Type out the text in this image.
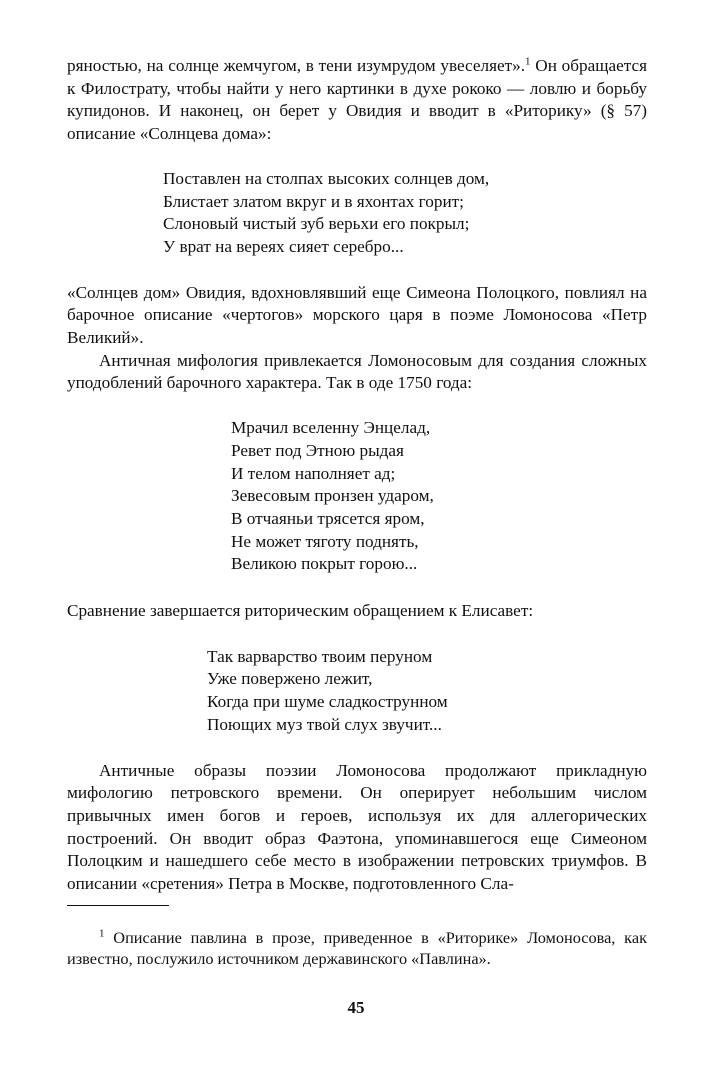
ряностью, на солнце жемчугом, в тени изумрудом увеселяет».$^1$ Он обращается к Филострату, чтобы найти у него картинки в духе рококо — ловлю и борьбу купидонов. И наконец, он берет у Овидия и вводит в «Риторику» (§ 57) описание «Солнцева дома»:

Поставлен на столпах высоких солнцев дом,
Блистает златом вкруг и в яхонтах горит;
Слоновый чистый зуб верьхи его покрыл;
У врат на вереях сияет серебро...

«Солнцев дом» Овидия, вдохновлявший еще Симеона Полоцкого, повлиял на барочное описание «чертогов» морского царя в поэме Ломоносова «Петр Великий».

Античная мифология привлекается Ломоносовым для создания сложных уподоблений барочного характера. Так в оде 1750 года:

Мрачил вселенну Энцелад,
Ревет под Этною рыдая
И телом наполняет ад;
Зевесовым пронзен ударом,
В отчаяньи трясется яром,
Не может тяготу поднять,
Великою покрыт горою...

Сравнение завершается риторическим обращением к Елисавет:

Так варварство твоим перуном
Уже повержено лежит,
Когда при шуме сладкострунном
Поющих муз твой слух звучит...

Античные образы поэзии Ломоносова продолжают прикладную мифологию петровского времени. Он оперирует небольшим числом привычных имен богов и героев, используя их для аллегорических построений. Он вводит образ Фаэтона, упоминавшегося еще Симеоном Полоцким и нашедшего себе место в изображении петровских триумфов. В описании «сретения» Петра в Москве, подготовленного Сла-

$^1$ Описание павлина в прозе, приведенное в «Риторике» Ломоносова, как известно, послужило источником державинского «Павлина».

45
